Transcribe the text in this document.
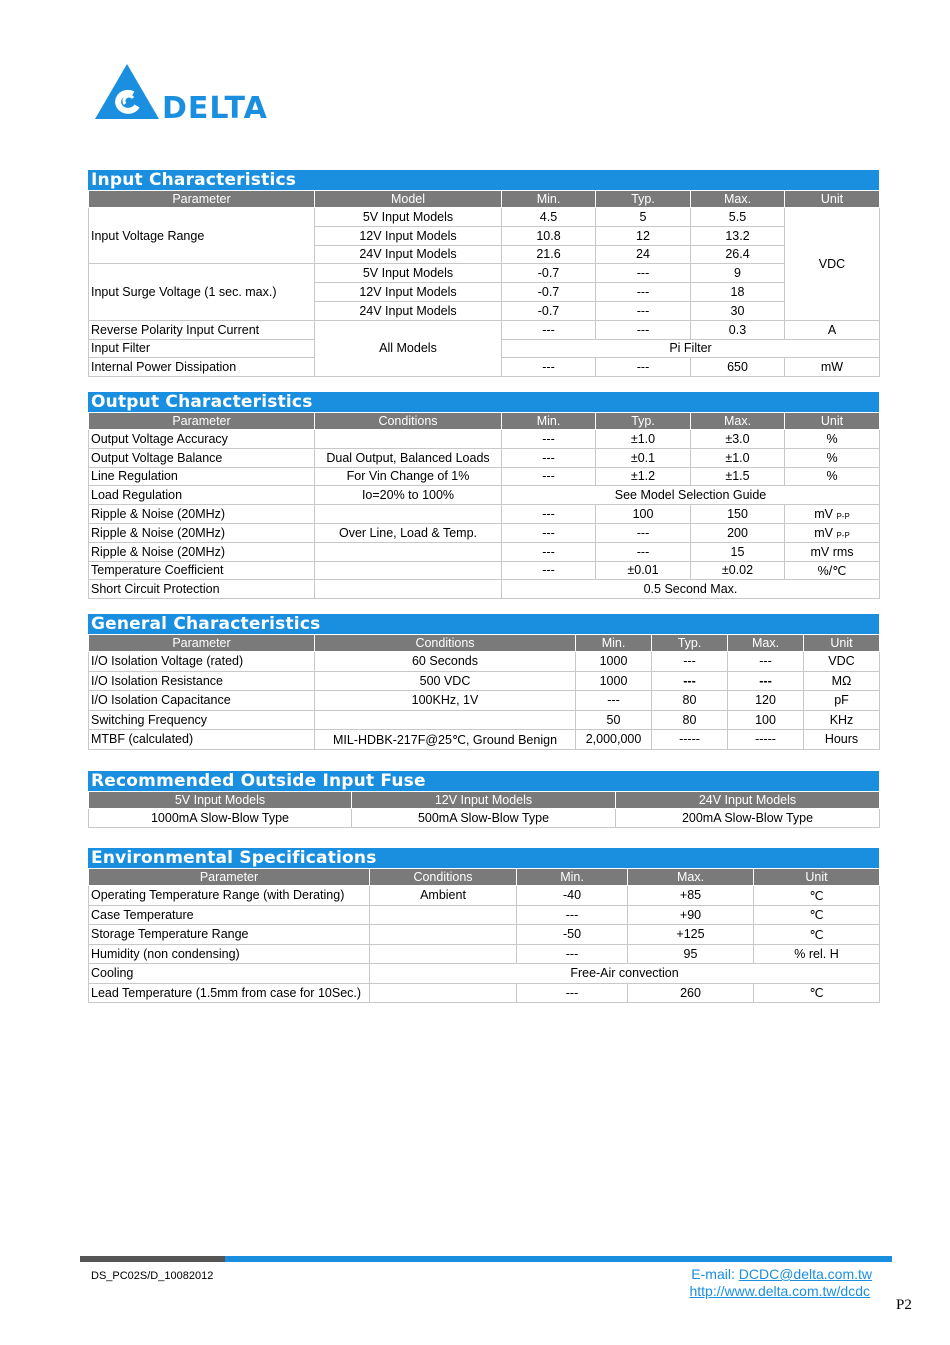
DELTA
Input Characteristics
Parameter	Model	Min.	Typ.	Max.	Unit
Input Voltage Range	5V Input Models	4.5	5	5.5	VDC
	12V Input Models	10.8	12	13.2	
	24V Input Models	21.6	24	26.4	
Input Surge Voltage (1 sec. max.)	5V Input Models	-0.7	---	9	
	12V Input Models	-0.7	---	18	
	24V Input Models	-0.7	---	30	
Reverse Polarity Input Current	All Models	---	---	0.3	A
Input Filter		Pi Filter			
Internal Power Dissipation		---	---	650	mW
Output Characteristics
Parameter	Conditions	Min.	Typ.	Max.	Unit
Output Voltage Accuracy		---	±1.0	±3.0	%
Output Voltage Balance	Dual Output, Balanced Loads	---	±0.1	±1.0	%
Line Regulation	For Vin Change of 1%	---	±1.2	±1.5	%
Load Regulation	Io=20% to 100%	See Model Selection Guide			
Ripple & Noise (20MHz)		---	100	150	mV P-P
Ripple & Noise (20MHz)	Over Line, Load & Temp.	---	---	200	mV P-P
Ripple & Noise (20MHz)		---	---	15	mV rms
Temperature Coefficient		---	±0.01	±0.02	%/℃
Short Circuit Protection		0.5 Second Max.			
General Characteristics
Parameter	Conditions	Min.	Typ.	Max.	Unit
I/O Isolation Voltage (rated)	60 Seconds	1000	---	---	VDC
I/O Isolation Resistance	500 VDC	1000	---	---	MΩ
I/O Isolation Capacitance	100KHz, 1V	---	80	120	pF
Switching Frequency		50	80	100	KHz
MTBF (calculated)	MIL-HDBK-217F@25℃, Ground Benign	2,000,000	-----	-----	Hours
Recommended Outside Input Fuse
5V Input Models	12V Input Models	24V Input Models
1000mA Slow-Blow Type	500mA Slow-Blow Type	200mA Slow-Blow Type
Environmental Specifications
Parameter	Conditions	Min.	Max.	Unit
Operating Temperature Range (with Derating)	Ambient	-40	+85	℃
Case Temperature		---	+90	℃
Storage Temperature Range		-50	+125	℃
Humidity (non condensing)		---	95	% rel. H
Cooling	Free-Air convection			
Lead Temperature (1.5mm from case for 10Sec.)		---	260	℃
DS_PC02S/D_10082012	E-mail: DCDC@delta.com.tw
http://www.delta.com.tw/dcdc
P2
